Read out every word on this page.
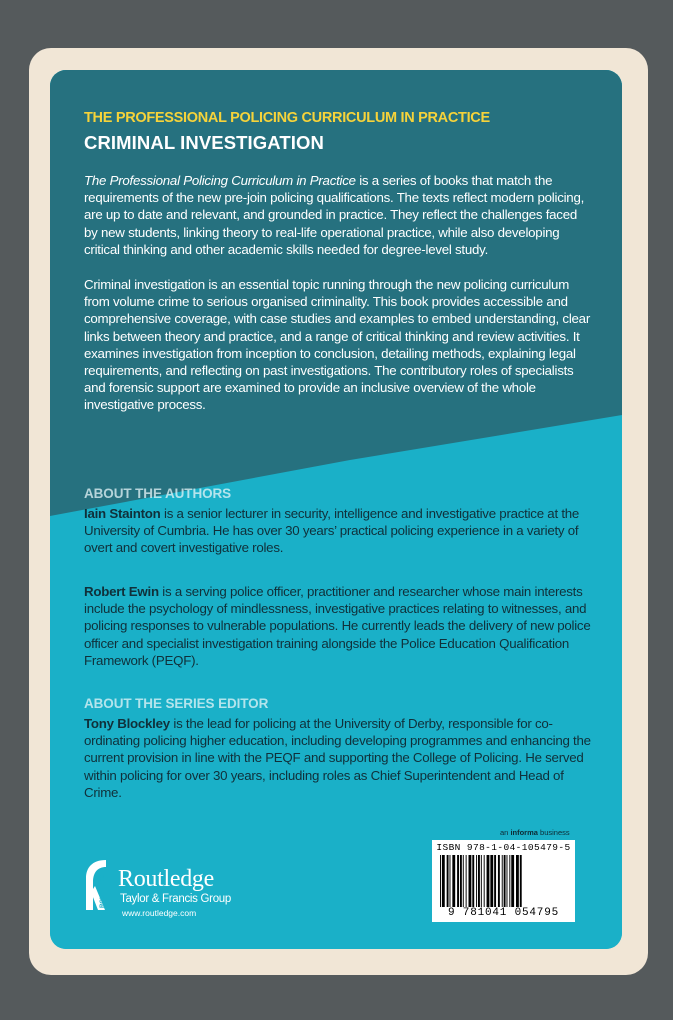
THE PROFESSIONAL POLICING CURRICULUM IN PRACTICE
CRIMINAL INVESTIGATION

The Professional Policing Curriculum in Practice is a series of books that match the requirements of the new pre-join policing qualifications. The texts reflect modern policing, are up to date and relevant, and grounded in practice. They reflect the challenges faced by new students, linking theory to real-life operational practice, while also developing critical thinking and other academic skills needed for degree-level study.

Criminal investigation is an essential topic running through the new policing curriculum from volume crime to serious organised criminality. This book provides accessible and comprehensive coverage, with case studies and examples to embed understanding, clear links between theory and practice, and a range of critical thinking and review activities. It examines investigation from inception to conclusion, detailing methods, explaining legal requirements, and reflecting on past investigations. The contributory roles of specialists and forensic support are examined to provide an inclusive overview of the whole investigative process.

ABOUT THE AUTHORS

Iain Stainton is a senior lecturer in security, intelligence and investigative practice at the University of Cumbria. He has over 30 years’ practical policing experience in a variety of overt and covert investigative roles.

Robert Ewin is a serving police officer, practitioner and researcher whose main interests include the psychology of mindlessness, investigative practices relating to witnesses, and policing responses to vulnerable populations. He currently leads the delivery of new police officer and specialist investigation training alongside the Police Education Qualification Framework (PEQF).

ABOUT THE SERIES EDITOR

Tony Blockley is the lead for policing at the University of Derby, responsible for co-ordinating policing higher education, including developing programmes and enhancing the current provision in line with the PEQF and supporting the College of Policing. He served within policing for over 30 years, including roles as Chief Superintendent and Head of Crime.

an informa business
ISBN 978-1-04-105479-5
9 781041 054795
ROUTLEDGE Routledge
Taylor & Francis Group
www.routledge.com
